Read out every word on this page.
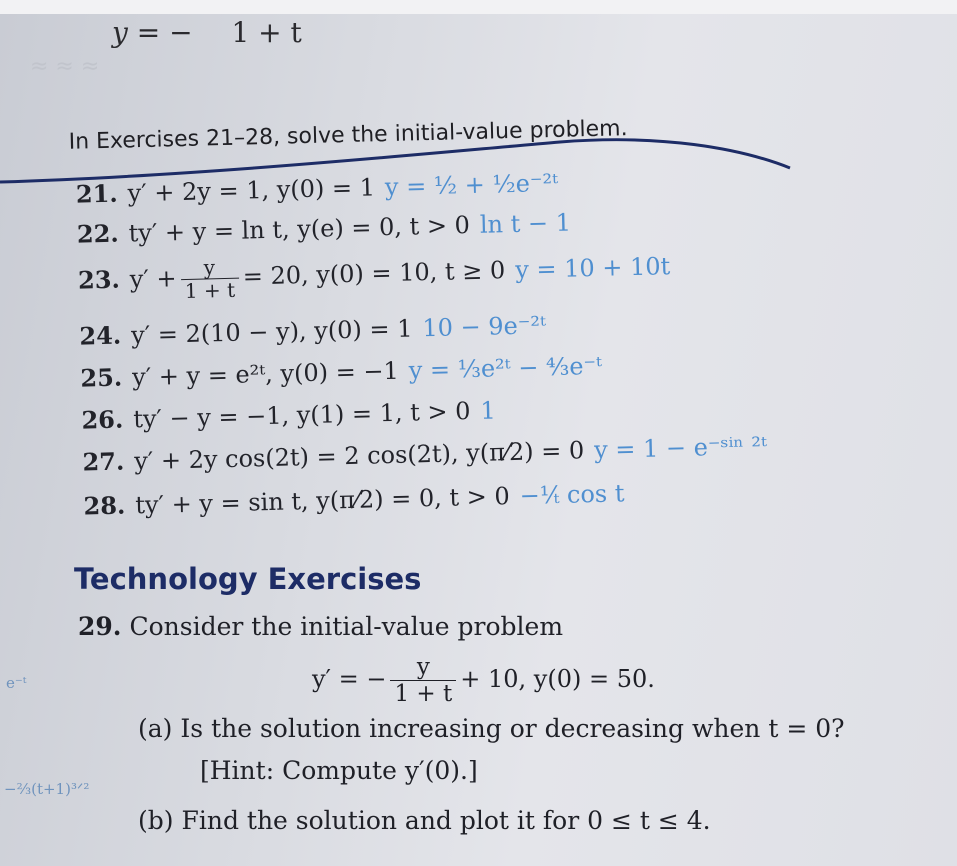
≈ ≈ ≈
y = − 1 + t
In Exercises 21–28, solve the initial-value problem.
21. y′ + 2y = 1, y(0) = 1 y = ½ + ½e⁻²ᵗ
22. ty′ + y = ln t, y(e) = 0, t > 0 ln t − 1
23. $y' + \frac{y}{1 + t} = 20$, y(0) = 10, t ≥ 0 y = 10 + 10t
24. y′ = 2(10 − y), y(0) = 1 10 − 9e⁻²ᵗ
25. y′ + y = e²ᵗ, y(0) = −1 y = ⅓e²ᵗ − ⁴⁄₃e⁻ᵗ
26. ty′ − y = −1, y(1) = 1, t > 0 1
27. y′ + 2y cos(2t) = 2 cos(2t), y(π⁄2) = 0 y = 1 − e⁻ˢⁱⁿ ²ᵗ
28. ty′ + y = sin t, y(π⁄2) = 0, t > 0 −¹⁄ₜ cos t
Technology Exercises
29. Consider the initial-value problem
y′ = − $\frac{y}{1 + t} + 10$, y(0) = 50.
(a) Is the solution increasing or decreasing when t = 0?
[Hint: Compute y′(0).]
(b) Find the solution and plot it for 0 ≤ t ≤ 4.
e⁻ᵗ
−⅔(t+1)³ᐟ²
